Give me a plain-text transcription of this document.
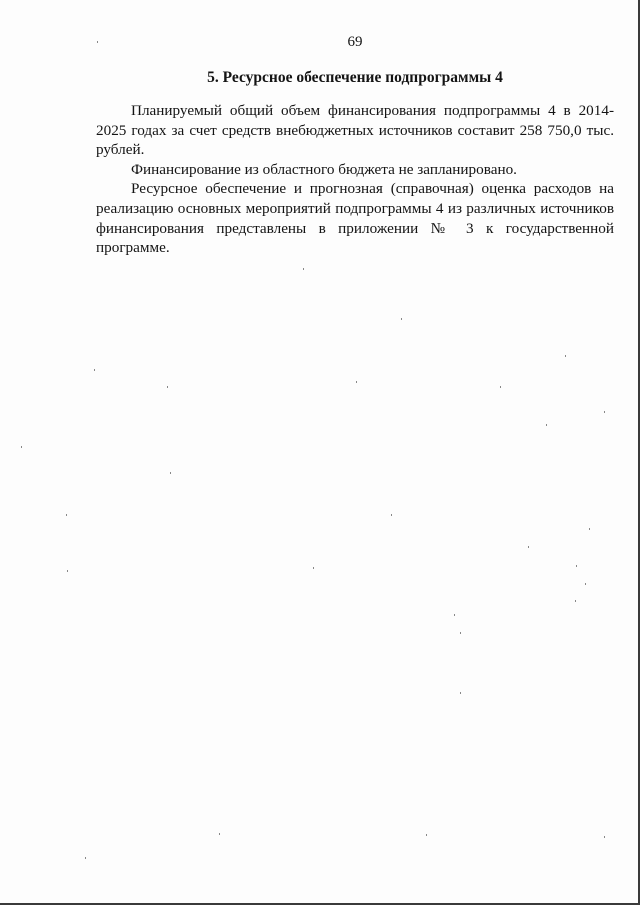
69
5. Ресурсное обеспечение подпрограммы 4

Планируемый общий объем финансирования подпрограммы 4 в 2014-2025 годах за счет средств внебюджетных источников составит 258 750,0 тыс. рублей.

Финансирование из областного бюджета не запланировано.

Ресурсное обеспечение и прогнозная (справочная) оценка расходов на реализацию основных мероприятий подпрограммы 4 из различных источников финансирования представлены в приложении № 3 к государственной программе.
